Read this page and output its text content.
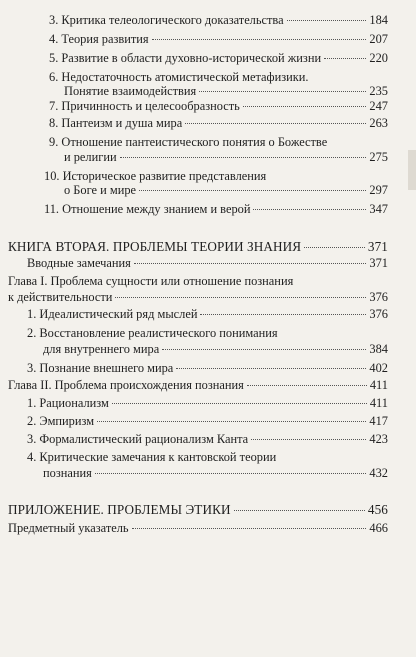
3. Критика телеологического доказательства	184
4. Теория развития	207
5. Развитие в области духовно-исторической жизни	220
6. Недостаточность атомистической метафизики.
Понятие взаимодействия	235
7. Причинность и целесообразность	247
8. Пантеизм и душа мира	263
9. Отношение пантеистического понятия о Божестве
и религии	275
10. Историческое развитие представления
о Боге и мире	297
11. Отношение между знанием и верой	347
КНИГА ВТОРАЯ. ПРОБЛЕМЫ ТЕОРИИ ЗНАНИЯ	371
Вводные замечания	371
Глава I. Проблема сущности или отношение познания
к действительности	376
1. Идеалистический ряд мыслей	376
2. Восстановление реалистического понимания
для внутреннего мира	384
3. Познание внешнего мира	402
Глава II. Проблема происхождения познания	411
1. Рационализм	411
2. Эмпиризм	417
3. Формалистический рационализм Канта	423
4. Критические замечания к кантовской теории
познания	432
ПРИЛОЖЕНИЕ. ПРОБЛЕМЫ ЭТИКИ	456
Предметный указатель	466
